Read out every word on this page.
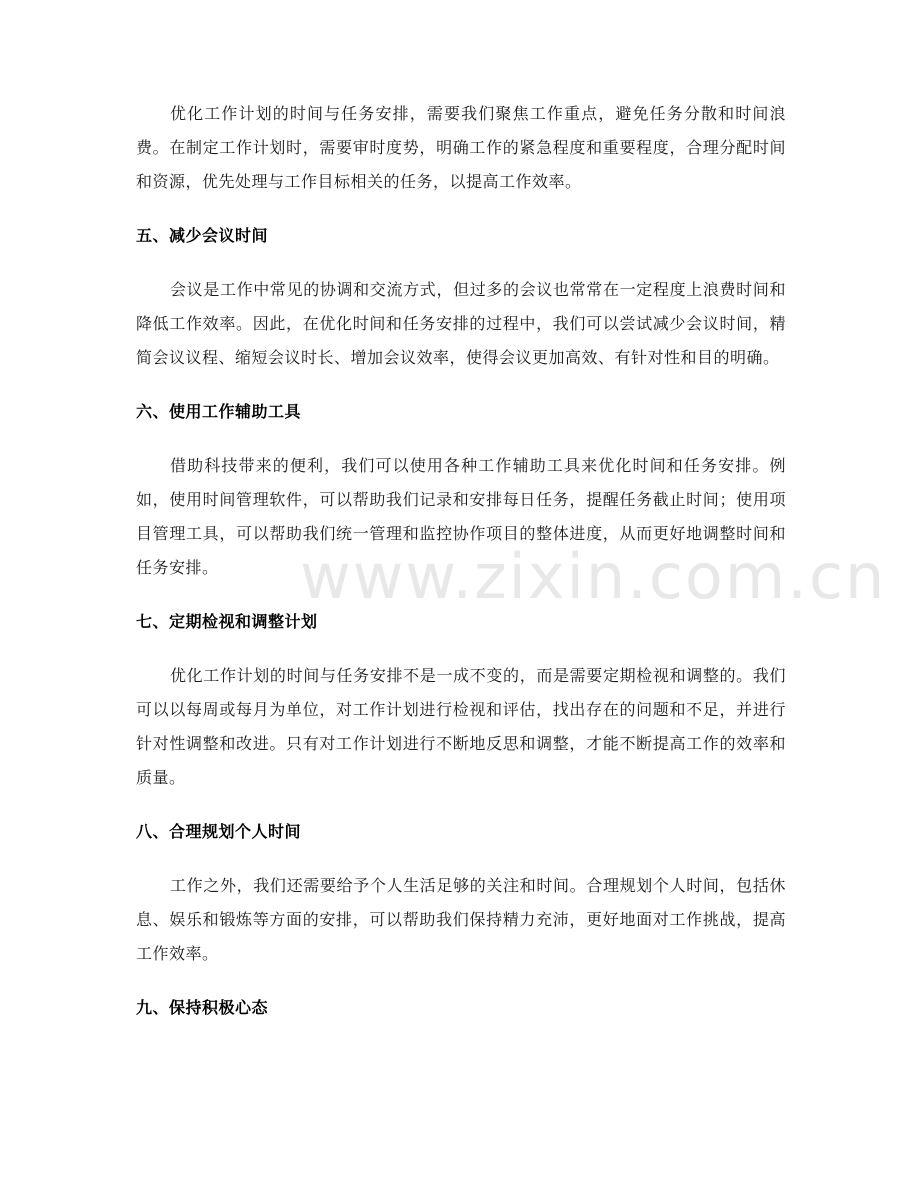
优化工作计划的时间与任务安排，需要我们聚焦工作重点，避免任务分散和时间浪费。在制定工作计划时，需要审时度势，明确工作的紧急程度和重要程度，合理分配时间和资源，优先处理与工作目标相关的任务，以提高工作效率。

五、减少会议时间

会议是工作中常见的协调和交流方式，但过多的会议也常常在一定程度上浪费时间和降低工作效率。因此，在优化时间和任务安排的过程中，我们可以尝试减少会议时间，精简会议议程、缩短会议时长、增加会议效率，使得会议更加高效、有针对性和目的明确。

六、使用工作辅助工具

借助科技带来的便利，我们可以使用各种工作辅助工具来优化时间和任务安排。例如，使用时间管理软件，可以帮助我们记录和安排每日任务，提醒任务截止时间；使用项目管理工具，可以帮助我们统一管理和监控协作项目的整体进度，从而更好地调整时间和任务安排。

七、定期检视和调整计划

优化工作计划的时间与任务安排不是一成不变的，而是需要定期检视和调整的。我们可以以每周或每月为单位，对工作计划进行检视和评估，找出存在的问题和不足，并进行针对性调整和改进。只有对工作计划进行不断地反思和调整，才能不断提高工作的效率和质量。

八、合理规划个人时间

工作之外，我们还需要给予个人生活足够的关注和时间。合理规划个人时间，包括休息、娱乐和锻炼等方面的安排，可以帮助我们保持精力充沛，更好地面对工作挑战，提高工作效率。

九、保持积极心态
www.zixin.com.cn
